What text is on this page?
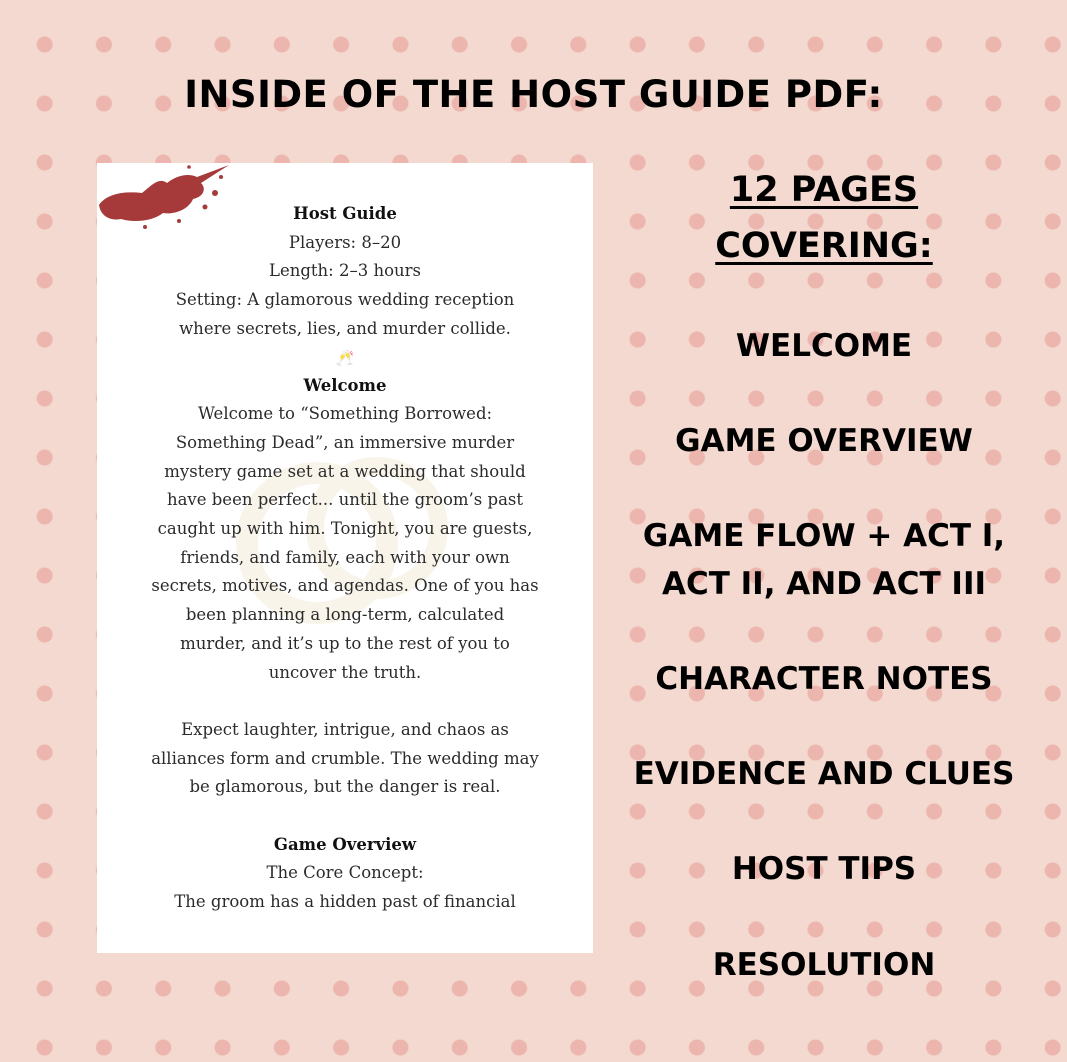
INSIDE OF THE HOST GUIDE PDF:
Host Guide
Players: 8–20
Length: 2–3 hours
Setting: A glamorous wedding reception
where secrets, lies, and murder collide.
🥂
Welcome
Welcome to “Something Borrowed:
Something Dead”, an immersive murder
mystery game set at a wedding that should
have been perfect... until the groom’s past
caught up with him. Tonight, you are guests,
friends, and family, each with your own
secrets, motives, and agendas. One of you has
been planning a long-term, calculated
murder, and it’s up to the rest of you to
uncover the truth.
Expect laughter, intrigue, and chaos as
alliances form and crumble. The wedding may
be glamorous, but the danger is real.
Game Overview
The Core Concept:
The groom has a hidden past of financial
12 PAGES
COVERING:
WELCOME
GAME OVERVIEW
GAME FLOW + ACT I,
ACT II, AND ACT III
CHARACTER NOTES
EVIDENCE AND CLUES
HOST TIPS
RESOLUTION
